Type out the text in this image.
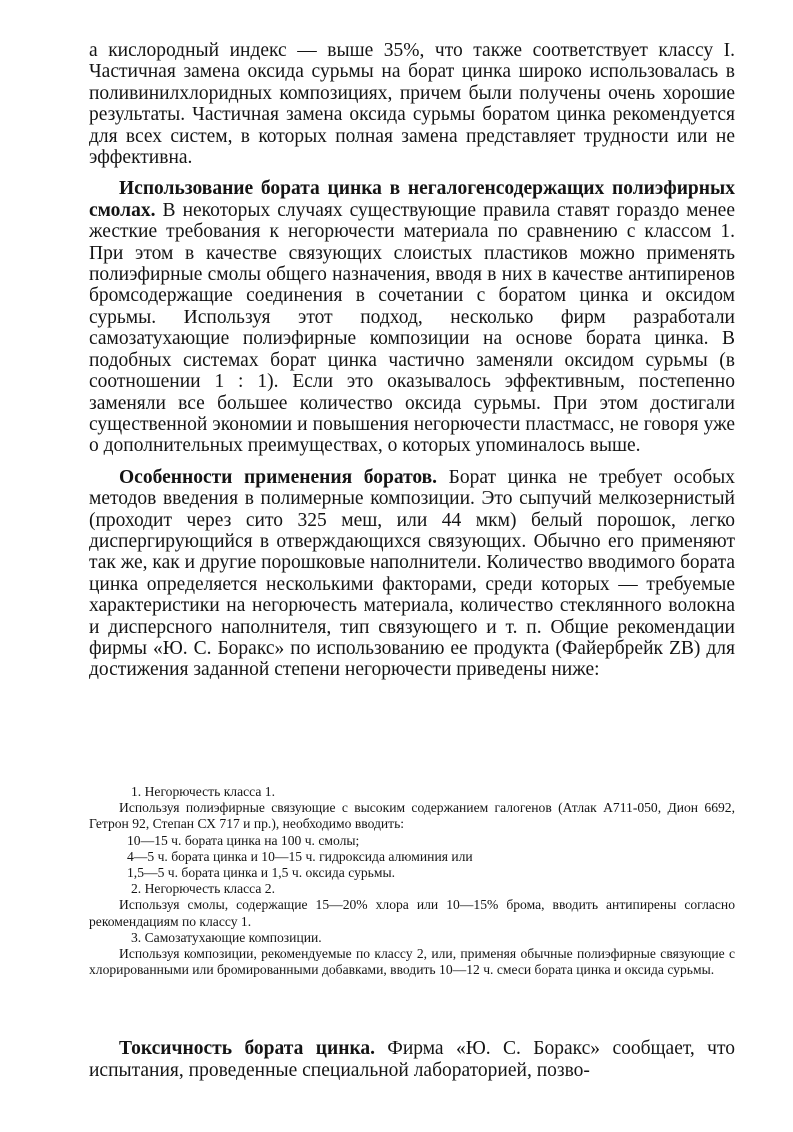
а кислородный индекс — выше 35%, что также соответствует классу I. Частичная замена оксида сурьмы на борат цинка широко использовалась в поливинилхлоридных композициях, причем были получены очень хорошие результаты. Частичная замена оксида сурьмы боратом цинка рекомендуется для всех систем, в которых полная замена представляет трудности или не эффективна.

Использование бората цинка в негалогенсодержащих полиэфирных смолах. В некоторых случаях существующие правила ставят гораздо менее жесткие требования к негорючести материала по сравнению с классом 1. При этом в качестве связующих слоистых пластиков можно применять полиэфирные смолы общего назначения, вводя в них в качестве антипиренов бромсодержащие соединения в сочетании с боратом цинка и оксидом сурьмы. Используя этот подход, несколько фирм разработали самозатухающие полиэфирные композиции на основе бората цинка. В подобных системах борат цинка частично заменяли оксидом сурьмы (в соотношении 1 : 1). Если это оказывалось эффективным, постепенно заменяли все большее количество оксида сурьмы. При этом достигали существенной экономии и повышения негорючести пластмасс, не говоря уже о дополнительных преимуществах, о которых упоминалось выше.

Особенности применения боратов. Борат цинка не требует особых методов введения в полимерные композиции. Это сыпучий мелкозернистый (проходит через сито 325 меш, или 44 мкм) белый порошок, легко диспергирующийся в отверждающихся связующих. Обычно его применяют так же, как и другие порошковые наполнители. Количество вводимого бората цинка определяется несколькими факторами, среди которых — требуемые характеристики на негорючесть материала, количество стеклянного волокна и дисперсного наполнителя, тип связующего и т. п. Общие рекомендации фирмы «Ю. С. Боракс» по использованию ее продукта (Файербрейк ZB) для достижения заданной степени негорючести приведены ниже:

1. Негорючесть класса 1.

Используя полиэфирные связующие с высоким содержанием галогенов (Атлак А711-050, Дион 6692, Гетрон 92, Степан СХ 717 и пр.), необходимо вводить:

10—15 ч. бората цинка на 100 ч. смолы;

4—5 ч. бората цинка и 10—15 ч. гидроксида алюминия или

1,5—5 ч. бората цинка и 1,5 ч. оксида сурьмы.

2. Негорючесть класса 2.

Используя смолы, содержащие 15—20% хлора или 10—15% брома, вводить антипирены согласно рекомендациям по классу 1.

3. Самозатухающие композиции.

Используя композиции, рекомендуемые по классу 2, или, применяя обычные полиэфирные связующие с хлорированными или бромированными добавками, вводить 10—12 ч. смеси бората цинка и оксида сурьмы.

Токсичность бората цинка. Фирма «Ю. С. Боракс» сообщает, что испытания, проведенные специальной лабораторией, позво-
